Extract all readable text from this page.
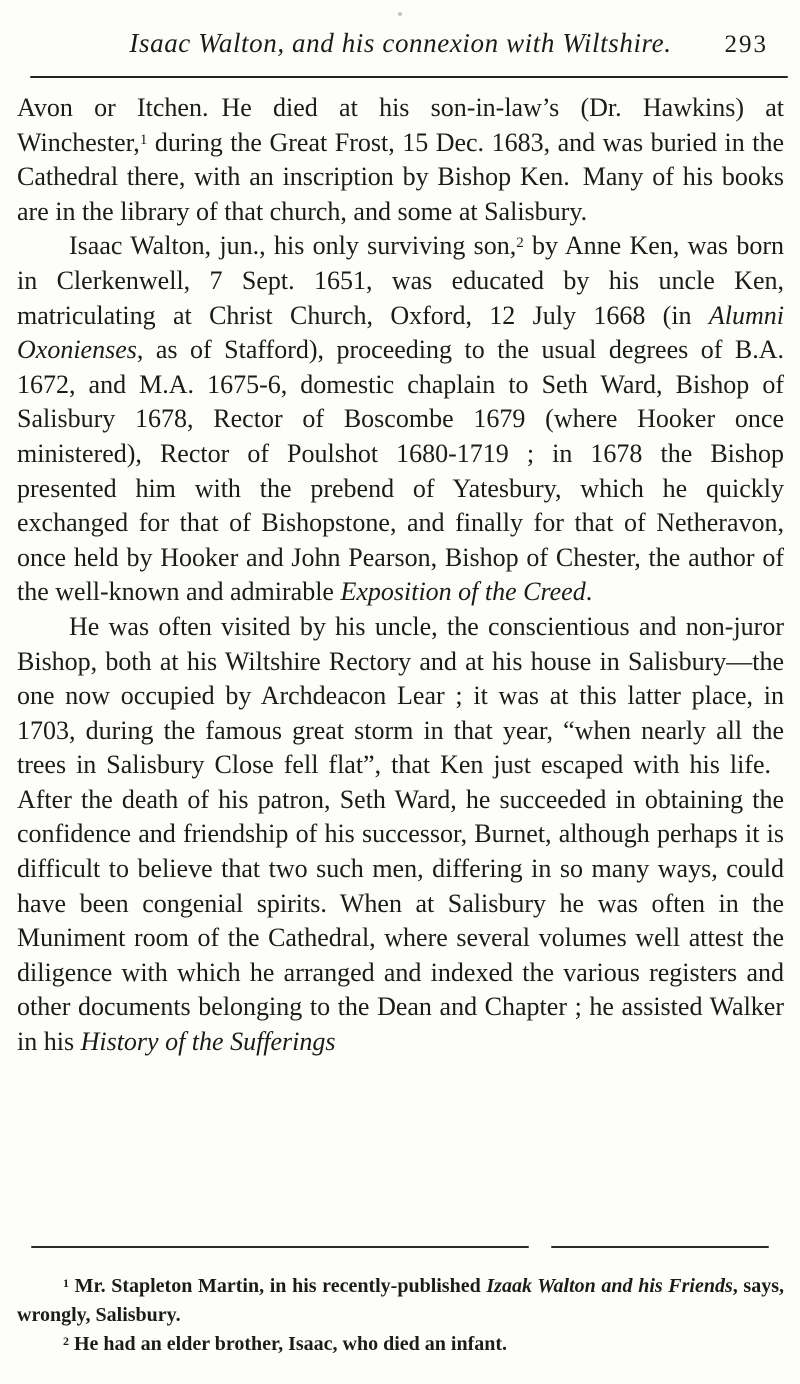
Isaac Walton, and his connexion with Wiltshire.	293

Avon or Itchen. He died at his son-in-law’s (Dr. Hawkins) at Winchester,$^1$ during the Great Frost, 15 Dec. 1683, and was buried in the Cathedral there, with an inscription by Bishop Ken. Many of his books are in the library of that church, and some at Salisbury.

Isaac Walton, jun., his only surviving son,$^2$ by Anne Ken, was born in Clerkenwell, 7 Sept. 1651, was educated by his uncle Ken, matriculating at Christ Church, Oxford, 12 July 1668 (in Alumni Oxonienses, as of Stafford), proceeding to the usual degrees of B.A. 1672, and M.A. 1675-6, domestic chaplain to Seth Ward, Bishop of Salisbury 1678, Rector of Boscombe 1679 (where Hooker once ministered), Rector of Poulshot 1680-1719 ; in 1678 the Bishop presented him with the prebend of Yatesbury, which he quickly exchanged for that of Bishopstone, and finally for that of Netheravon, once held by Hooker and John Pearson, Bishop of Chester, the author of the well-known and admirable Exposition of the Creed.

He was often visited by his uncle, the conscientious and non-juror Bishop, both at his Wiltshire Rectory and at his house in Salisbury—the one now occupied by Archdeacon Lear ; it was at this latter place, in 1703, during the famous great storm in that year, “when nearly all the trees in Salisbury Close fell flat”, that Ken just escaped with his life. After the death of his patron, Seth Ward, he succeeded in obtaining the confidence and friendship of his successor, Burnet, although perhaps it is difficult to believe that two such men, differing in so many ways, could have been congenial spirits. When at Salisbury he was often in the Muniment room of the Cathedral, where several volumes well attest the diligence with which he arranged and indexed the various registers and other documents belonging to the Dean and Chapter ; he assisted Walker in his History of the Sufferings

$^1$ Mr. Stapleton Martin, in his recently-published Izaak Walton and his Friends, says, wrongly, Salisbury.

$^2$ He had an elder brother, Isaac, who died an infant.
